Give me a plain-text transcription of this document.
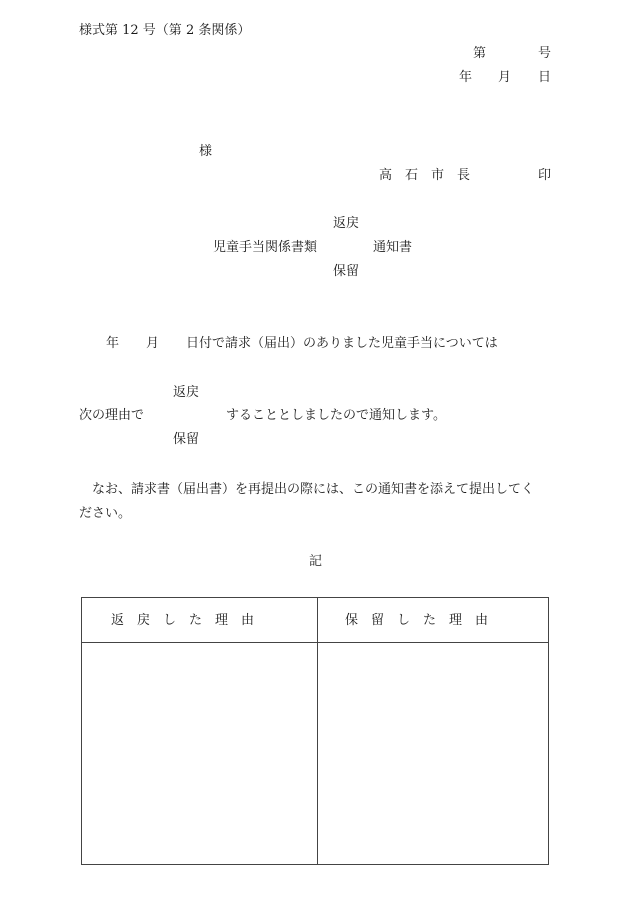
様式第 12 号（第 2 条関係）
第	号
年 月 日
様
高　石　市　長	印
返戻
児童手当関係書類	通知書
保留
年 月 日付で請求（届出）のありました児童手当については
返戻
次の理由で	することとしましたので通知します。
保留
なお、請求書（届出書）を再提出の際には、この通知書を添えて提出してく
ださい。
記
返　戻　し　た　理　由	保　留　し　た　理　由
